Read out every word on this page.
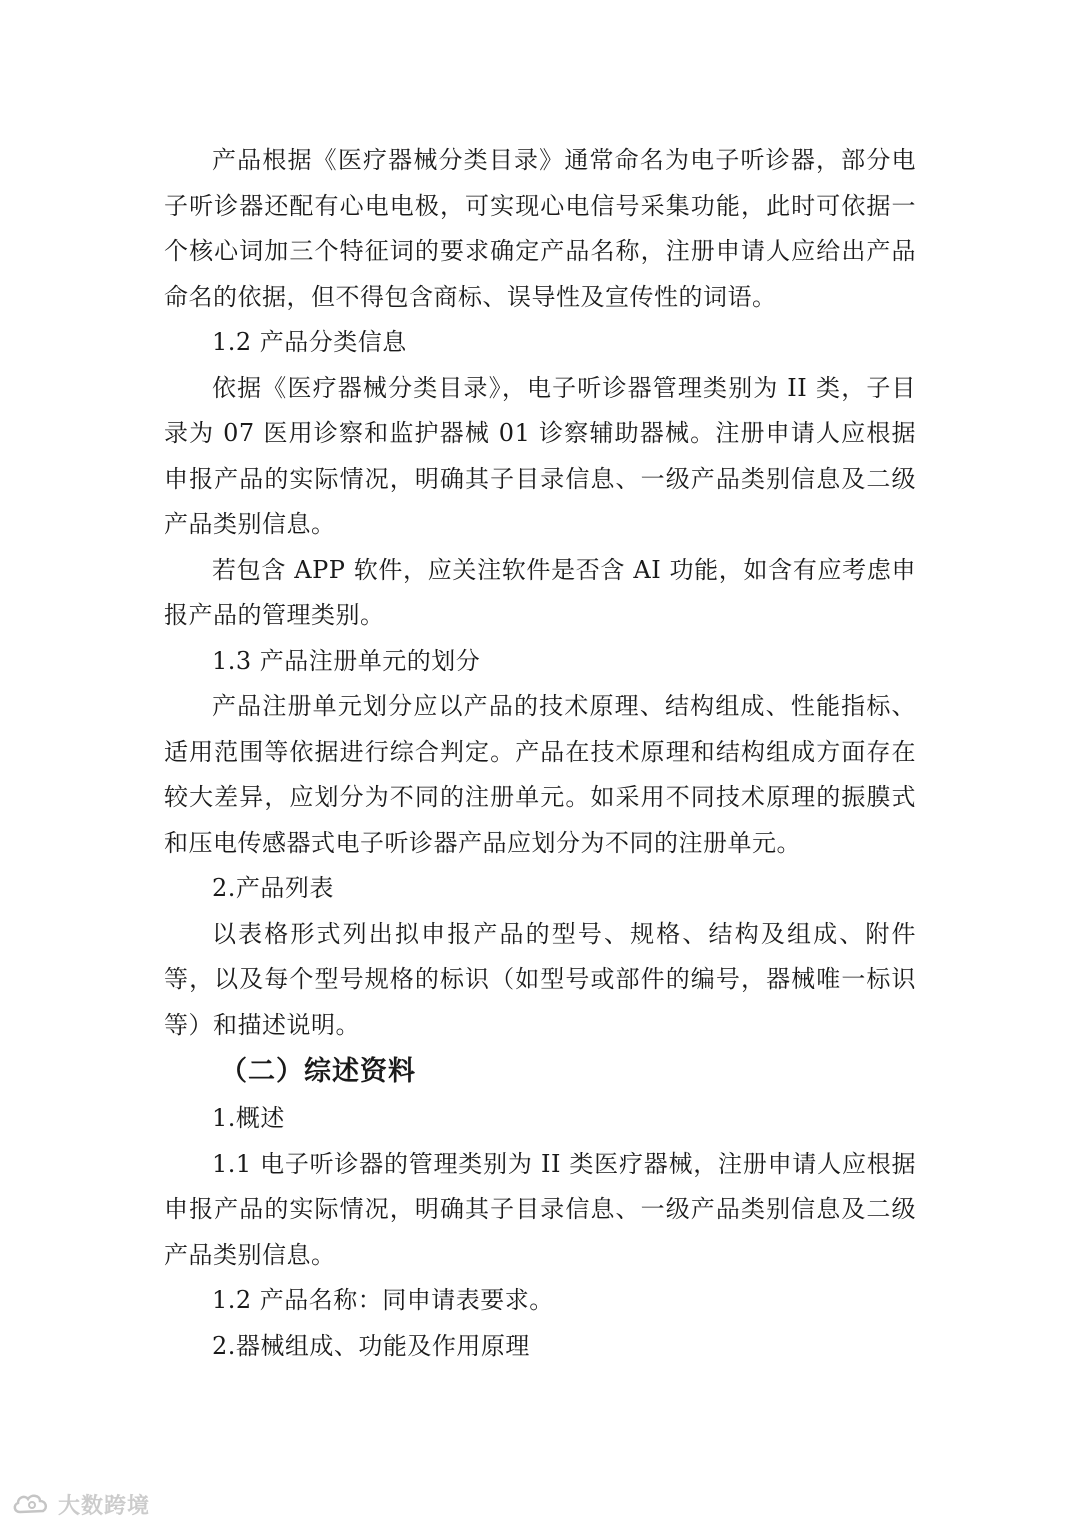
产品根据《医疗器械分类目录》通常命名为电子听诊器，部分电子听诊器还配有心电电极，可实现心电信号采集功能，此时可依据一个核心词加三个特征词的要求确定产品名称，注册申请人应给出产品命名的依据，但不得包含商标、误导性及宣传性的词语。

1.2 产品分类信息

依据《医疗器械分类目录》，电子听诊器管理类别为 II 类，子目录为 07 医用诊察和监护器械 01 诊察辅助器械。注册申请人应根据申报产品的实际情况，明确其子目录信息、一级产品类别信息及二级产品类别信息。

若包含 APP 软件，应关注软件是否含 AI 功能，如含有应考虑申报产品的管理类别。

1.3 产品注册单元的划分

产品注册单元划分应以产品的技术原理、结构组成、性能指标、适用范围等依据进行综合判定。产品在技术原理和结构组成方面存在较大差异，应划分为不同的注册单元。如采用不同技术原理的振膜式和压电传感器式电子听诊器产品应划分为不同的注册单元。

2.产品列表

以表格形式列出拟申报产品的型号、规格、结构及组成、附件等，以及每个型号规格的标识（如型号或部件的编号，器械唯一标识等）和描述说明。

（二）综述资料

1.概述

1.1 电子听诊器的管理类别为 II 类医疗器械，注册申请人应根据申报产品的实际情况，明确其子目录信息、一级产品类别信息及二级产品类别信息。

1.2 产品名称：同申请表要求。

2.器械组成、功能及作用原理

大数跨境
